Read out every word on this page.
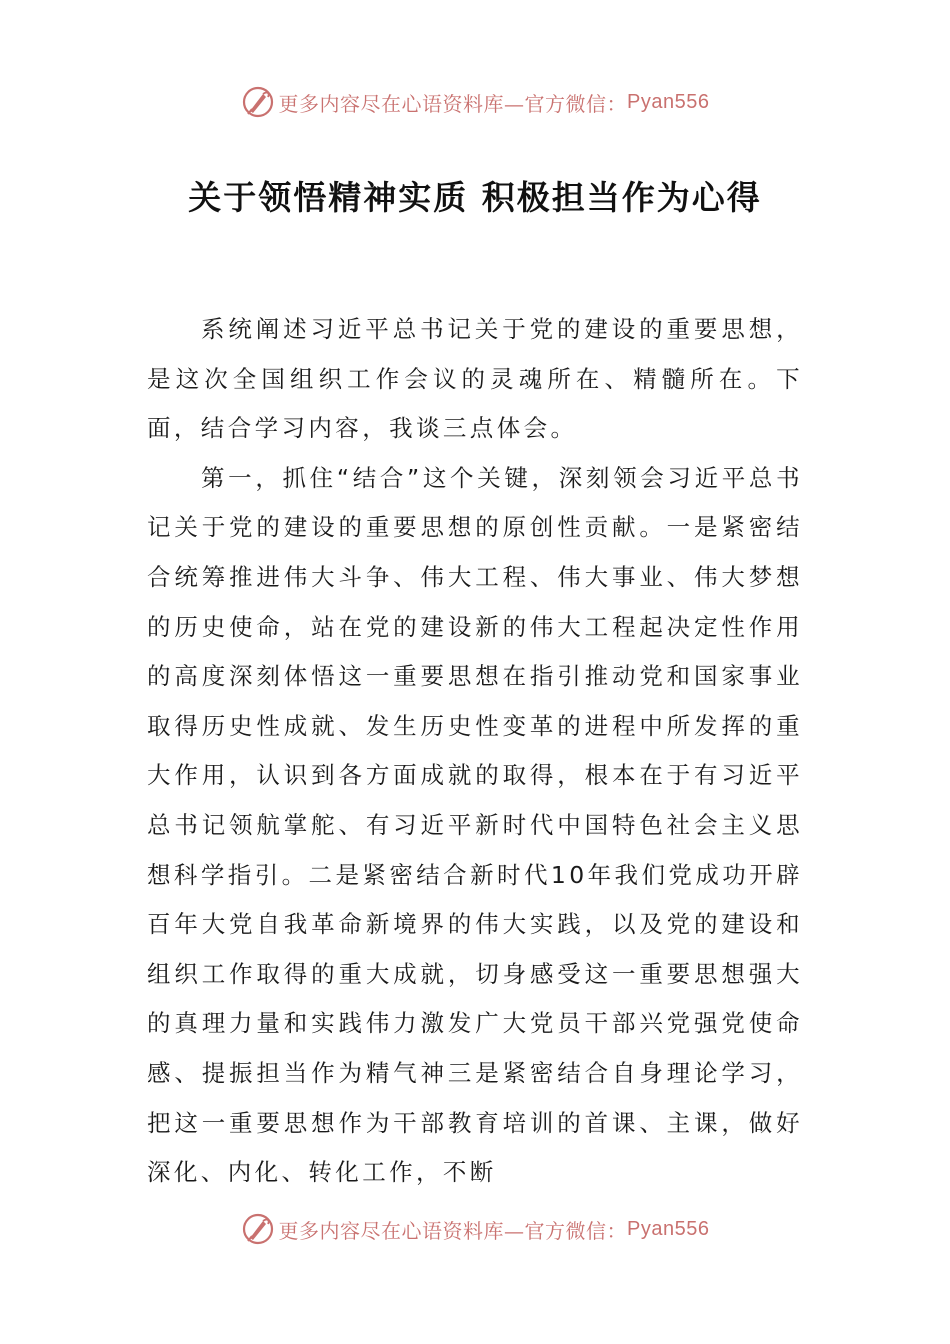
更多内容尽在心语资料库—官方微信： Pyan556
关于领悟精神实质 积极担当作为心得

系统阐述习近平总书记关于党的建设的重要思想，是这次全国组织工作会议的灵魂所在、精髓所在。下面，结合学习内容，我谈三点体会。

第一，抓住“结合”这个关键，深刻领会习近平总书记关于党的建设的重要思想的原创性贡献。一是紧密结合统筹推进伟大斗争、伟大工程、伟大事业、伟大梦想的历史使命，站在党的建设新的伟大工程起决定性作用的高度深刻体悟这一重要思想在指引推动党和国家事业取得历史性成就、发生历史性变革的进程中所发挥的重大作用，认识到各方面成就的取得，根本在于有习近平总书记领航掌舵、有习近平新时代中国特色社会主义思想科学指引。二是紧密结合新时代10年我们党成功开辟百年大党自我革命新境界的伟大实践，以及党的建设和组织工作取得的重大成就，切身感受这一重要思想强大的真理力量和实践伟力激发广大党员干部兴党强党使命感、提振担当作为精气神三是紧密结合自身理论学习，把这一重要思想作为干部教育培训的首课、主课，做好深化、内化、转化工作，不断

更多内容尽在心语资料库—官方微信： Pyan556
